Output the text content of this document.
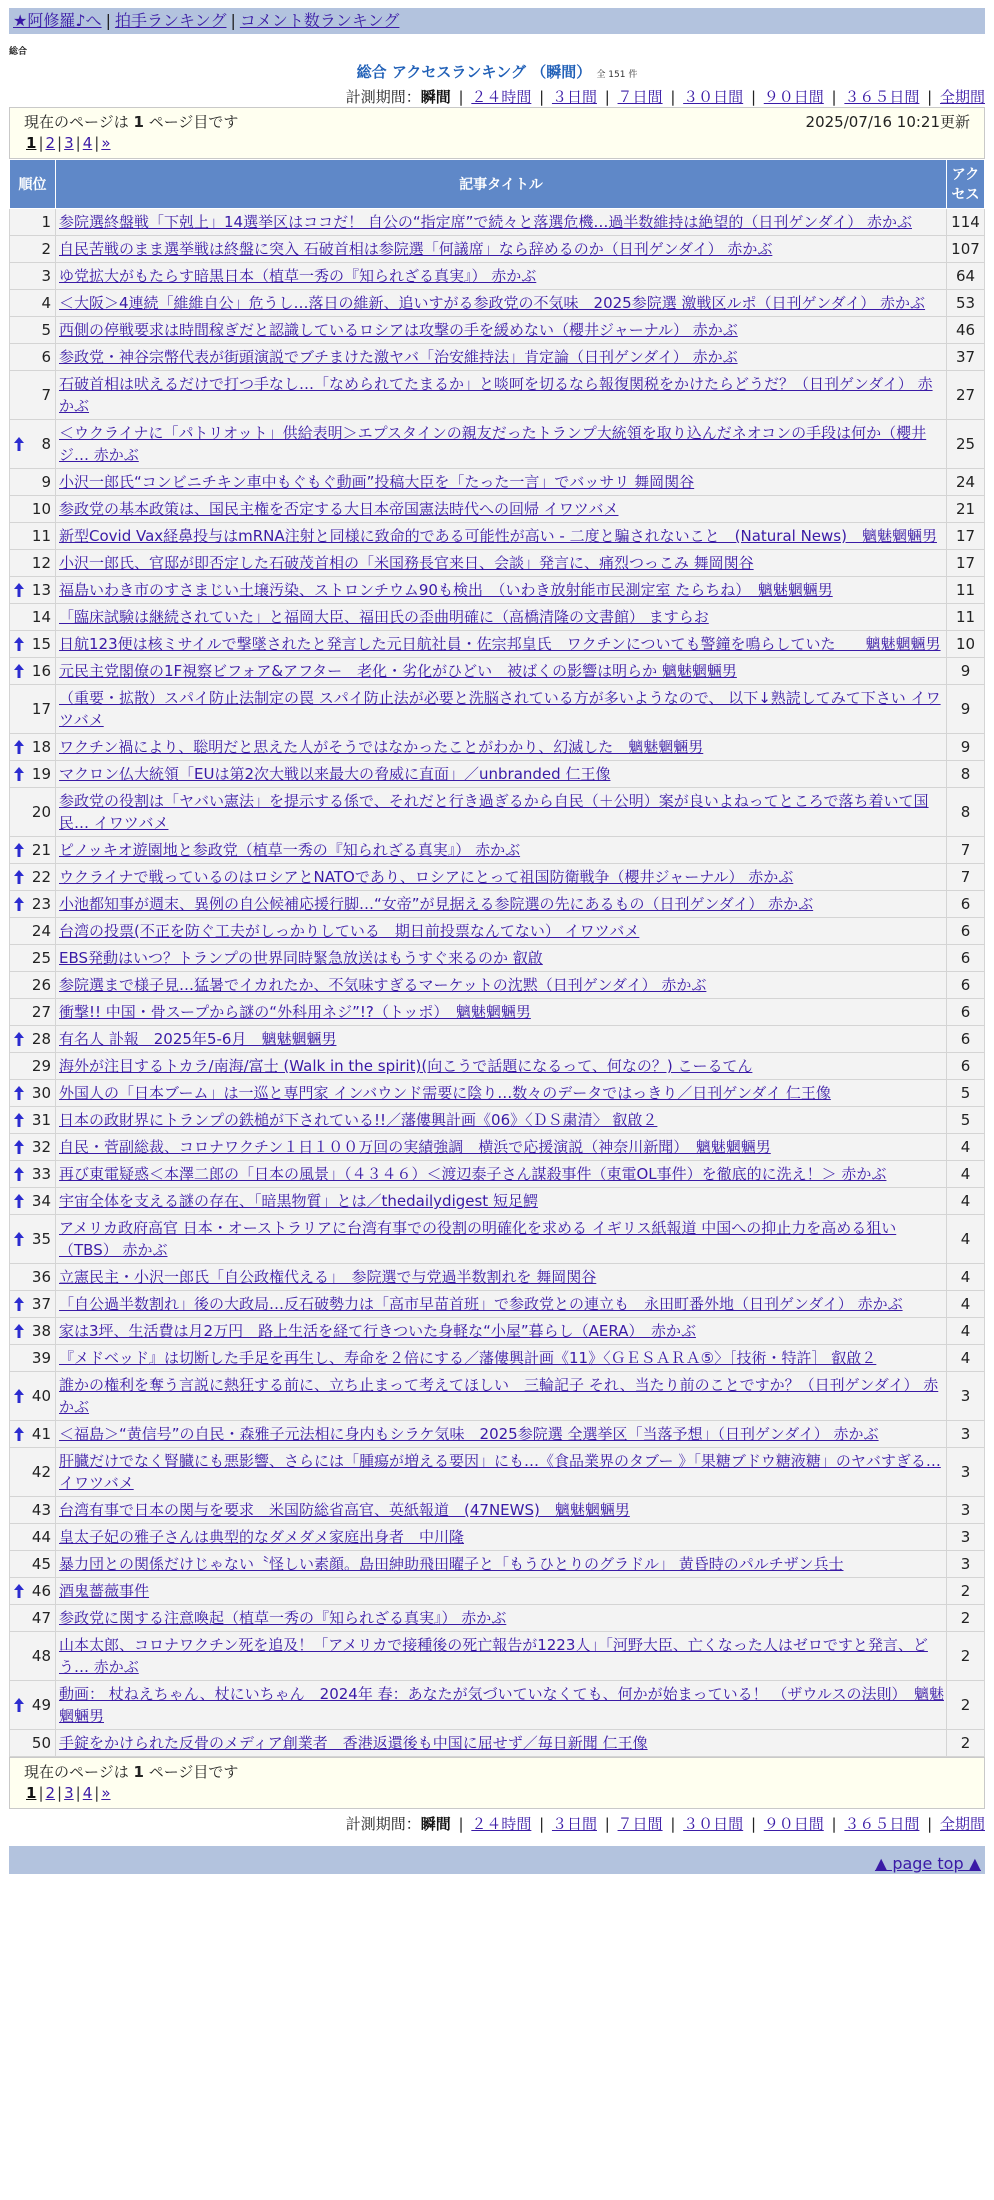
★阿修羅♪へ | 拍手ランキング | コメント数ランキング
総合
総合 アクセスランキング （瞬間） 全 151 件
計測期間：瞬間 | ２４時間 | ３日間 | ７日間 | ３０日間 | ９０日間 | ３６５日間 | 全期間
現在のページは 1 ページ目です	2025/07/16 10:21更新
1 | 2 | 3 | 4 | »
順位	記事タイトル	アクセス
1	参院選終盤戦「下剋上」14選挙区はココだ！ 自公の“指定席”で続々と落選危機…過半数維持は絶望的（日刊ゲンダイ） 赤かぶ	114
2	自民苦戦のまま選挙戦は終盤に突入 石破首相は参院選「何議席」なら辞めるのか（日刊ゲンダイ） 赤かぶ	107
3	ゆ党拡大がもたらす暗黒日本（植草一秀の『知られざる真実』） 赤かぶ	64
4	＜大阪＞4連続「維維自公」危うし…落日の維新、追いすがる参政党の不気味　2025参院選 激戦区ルポ（日刊ゲンダイ） 赤かぶ	53
5	西側の停戦要求は時間稼ぎだと認識しているロシアは攻撃の手を緩めない（櫻井ジャーナル） 赤かぶ	46
6	参政党・神谷宗幣代表が街頭演説でブチまけた激ヤバ「治安維持法」肯定論（日刊ゲンダイ） 赤かぶ	37
7	石破首相は吠えるだけで打つ手なし…「なめられてたまるか」と啖呵を切るなら報復関税をかけたらどうだ？（日刊ゲンダイ） 赤かぶ	27

8	＜ウクライナに「パトリオット」供給表明＞エプスタインの親友だったトランプ大統領を取り込んだネオコンの手段は何か（櫻井ジ… 赤かぶ	25
9	小沢一郎氏“コンビニチキン車中もぐもぐ動画”投稿大臣を「たった一言」でバッサリ 舞岡関谷	24
10	参政党の基本政策は、国民主権を否定する大日本帝国憲法時代への回帰 イワツバメ	21
11	新型Covid Vax経鼻投与はmRNA注射と同様に致命的である可能性が高い - 二度と騙されないこと　(Natural News)　魑魅魍魎男	17
12	小沢一郎氏、官邸が即否定した石破茂首相の「米国務長官来日、会談」発言に、痛烈つっこみ 舞岡関谷	17

13	福島いわき市のすさまじい土壌汚染、ストロンチウム90も検出　（いわき放射能市民測定室 たらちね）　魑魅魍魎男	11
14	「臨床試験は継続されていた」と福岡大臣、福田氏の歪曲明確に（高橋清隆の文書館） ますらお	11

15	日航123便は核ミサイルで撃墜されたと発言した元日航社員・佐宗邦皇氏　ワクチンについても警鐘を鳴らしていた　　魑魅魍魎男	10

16	元民主党閣僚の1F視察ビフォア&アフター　老化・劣化がひどい　被ばくの影響は明らか 魑魅魍魎男	9
17	（重要・拡散）スパイ防止法制定の罠 スパイ防止法が必要と洗脳されている方が多いようなので、 以下↓熟読してみて下さい イワツバメ	9

18	ワクチン禍により、聡明だと思えた人がそうではなかったことがわかり、幻滅した　魑魅魍魎男	9

19	マクロン仏大統領「EUは第2次大戦以来最大の脅威に直面」／unbranded 仁王像	8
20	参政党の役割は「ヤバい憲法」を提示する係で、それだと行き過ぎるから自民（＋公明）案が良いよねってところで落ち着いて国民… イワツバメ	8

21	ピノッキオ遊園地と参政党（植草一秀の『知られざる真実』） 赤かぶ	7

22	ウクライナで戦っているのはロシアとNATOであり、ロシアにとって祖国防衛戦争（櫻井ジャーナル） 赤かぶ	7

23	小池都知事が週末、異例の自公候補応援行脚…“女帝”が見据える参院選の先にあるもの（日刊ゲンダイ） 赤かぶ	6
24	台湾の投票(不正を防ぐ工夫がしっかりしている　期日前投票なんてない） イワツバメ	6
25	EBS発動はいつ？トランプの世界同時緊急放送はもうすぐ来るのか 叡啟	6
26	参院選まで様子見…猛暑でイカれたか、不気味すぎるマーケットの沈黙（日刊ゲンダイ） 赤かぶ	6
27	衝撃!! 中国・骨スープから謎の“外科用ネジ”!?（トッポ）　魑魅魍魎男	6

28	有名人 訃報　2025年5-6月　魑魅魍魎男	6
29	海外が注目するトカラ/南海/富士 (Walk in the spirit)(向こうで話題になるって、何なの？) こーるてん	6

30	外国人の「日本ブーム」は一巡と専門家 インバウンド需要に陰り…数々のデータではっきり／日刊ゲンダイ 仁王像	5

31	日本の政財界にトランプの鉄槌が下されている!!／藩僂興計画《06》〈ＤＳ粛清〉 叡啟２	5

32	自民・菅副総裁、コロナワクチン１日１００万回の実績強調　横浜で応援演説（神奈川新聞）　魑魅魍魎男	4

33	再び東電疑惑＜本澤二郎の「日本の風景」（４３４６）＜渡辺泰子さん謀殺事件（東電OL事件）を徹底的に洗え！＞ 赤かぶ	4

34	宇宙全体を支える謎の存在、「暗黒物質」とは／thedailydigest 短足鰐	4

35	アメリカ政府高官 日本・オーストラリアに台湾有事での役割の明確化を求める イギリス紙報道 中国への抑止力を高める狙い（TBS） 赤かぶ	4
36	立憲民主・小沢一郎氏「自公政権代える」　参院選で与党過半数割れを 舞岡関谷	4

37	「自公過半数割れ」後の大政局…反石破勢力は「高市早苗首班」で参政党との連立も　永田町番外地（日刊ゲンダイ） 赤かぶ	4

38	家は3坪、生活費は月2万円　路上生活を経て行きついた身軽な“小屋”暮らし（AERA）　赤かぶ	4
39	『メドベッド』は切断した手足を再生し、寿命を２倍にする／藩僂興計画《11》〈ＧＥＳＡＲＡ⑤〉［技術・特許］ 叡啟２	4

40	誰かの権利を奪う言説に熱狂する前に、立ち止まって考えてほしい　三輪記子 それ、当たり前のことですか？（日刊ゲンダイ） 赤かぶ	3

41	＜福島＞“黄信号”の自民・森雅子元法相に身内もシラケ気味　2025参院選 全選挙区「当落予想」（日刊ゲンダイ） 赤かぶ	3
42	肝臓だけでなく腎臓にも悪影響、さらには「腫瘍が増える要因」にも…《食品業界のタブー 》「果糖ブドウ糖液糖」のヤバすぎる… イワツバメ	3
43	台湾有事で日本の関与を要求　米国防総省高官、英紙報道　(47NEWS)　魑魅魍魎男	3
44	皇太子妃の雅子さんは典型的なダメダメ家庭出身者　中川隆	3
45	暴力団との関係だけじゃない〝怪しい素顔。島田紳助飛田曜子と「もうひとりのグラドル」 黄昏時のパルチザン兵士	3

46	酒鬼薔薇事件	2
47	参政党に関する注意喚起（植草一秀の『知られざる真実』） 赤かぶ	2
48	山本太郎、コロナワクチン死を追及！「アメリカで接種後の死亡報告が1223人」「河野大臣、亡くなった人はゼロですと発言、どう… 赤かぶ	2

49	動画： 杖ねえちゃん、杖にいちゃん　2024年 春：あなたが気づいていなくても、何かが始まっている！ （ザウルスの法則）　魑魅魍魎男	2
50	手錠をかけられた反骨のメディア創業者　香港返還後も中国に屈せず／毎日新聞 仁王像	2
現在のページは 1 ページ目です
1 | 2 | 3 | 4 | »
計測期間：瞬間 | ２４時間 | ３日間 | ７日間 | ３０日間 | ９０日間 | ３６５日間 | 全期間
▲ page top ▲
